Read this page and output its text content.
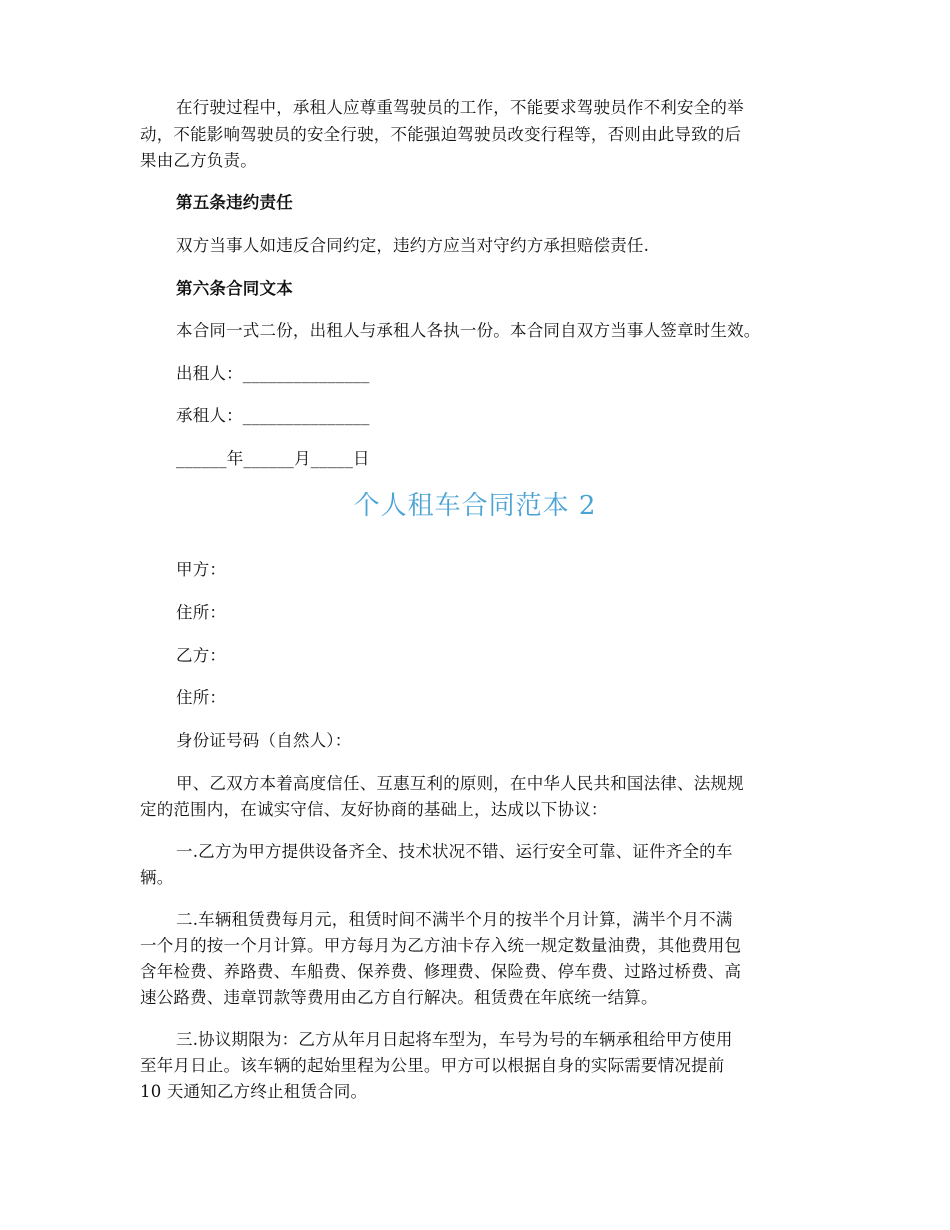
在行驶过程中，承租人应尊重驾驶员的工作，不能要求驾驶员作不利安全的举
动，不能影响驾驶员的安全行驶，不能强迫驾驶员改变行程等，否则由此导致的后
果由乙方负责。
第五条违约责任
双方当事人如违反合同约定，违约方应当对守约方承担赔偿责任.
第六条合同文本
本合同一式二份，出租人与承租人各执一份。本合同自双方当事人签章时生效。
出租人：_______________
承租人：_______________
______年______月_____日
个人租车合同范本 2
甲方：
住所：
乙方：
住所：
身份证号码（自然人）：
甲、乙双方本着高度信任、互惠互利的原则，在中华人民共和国法律、法规规
定的范围内，在诚实守信、友好协商的基础上，达成以下协议：
一.乙方为甲方提供设备齐全、技术状况不错、运行安全可靠、证件齐全的车
辆。
二.车辆租赁费每月元，租赁时间不满半个月的按半个月计算，满半个月不满
一个月的按一个月计算。甲方每月为乙方油卡存入统一规定数量油费，其他费用包
含年检费、养路费、车船费、保养费、修理费、保险费、停车费、过路过桥费、高
速公路费、违章罚款等费用由乙方自行解决。租赁费在年底统一结算。
三.协议期限为：乙方从年月日起将车型为，车号为号的车辆承租给甲方使用
至年月日止。该车辆的起始里程为公里。甲方可以根据自身的实际需要情况提前
10 天通知乙方终止租赁合同。
